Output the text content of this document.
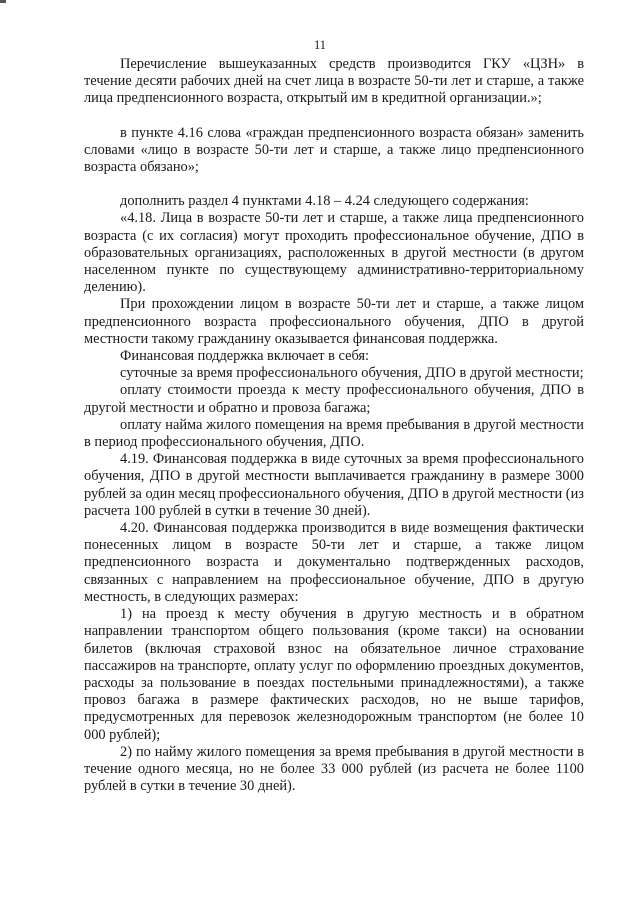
11

Перечисление вышеуказанных средств производится ГКУ «ЦЗН» в течение десяти рабочих дней на счет лица в возрасте 50-ти лет и старше, а также лица предпенсионного возраста, открытый им в кредитной организации.»;

в пункте 4.16 слова «граждан предпенсионного возраста обязан» заменить словами «лицо в возрасте 50-ти лет и старше, а также лицо предпенсионного возраста обязано»;

дополнить раздел 4 пунктами 4.18 – 4.24 следующего содержания:

«4.18. Лица в возрасте 50-ти лет и старше, а также лица предпенсионного возраста (с их согласия) могут проходить профессиональное обучение, ДПО в образовательных организациях, расположенных в другой местности (в другом населенном пункте по существующему административно-территориальному делению).

При прохождении лицом в возрасте 50-ти лет и старше, а также лицом предпенсионного возраста профессионального обучения, ДПО в другой местности такому гражданину оказывается финансовая поддержка.

Финансовая поддержка включает в себя:

суточные за время профессионального обучения, ДПО в другой местности;

оплату стоимости проезда к месту профессионального обучения, ДПО в другой местности и обратно и провоза багажа;

оплату найма жилого помещения на время пребывания в другой местности в период профессионального обучения, ДПО.

4.19. Финансовая поддержка в виде суточных за время профессионального обучения, ДПО в другой местности выплачивается гражданину в размере 3000 рублей за один месяц профессионального обучения, ДПО в другой местности (из расчета 100 рублей в сутки в течение 30 дней).

4.20. Финансовая поддержка производится в виде возмещения фактически понесенных лицом в возрасте 50-ти лет и старше, а также лицом предпенсионного возраста и документально подтвержденных расходов, связанных с направлением на профессиональное обучение, ДПО в другую местность, в следующих размерах:

1) на проезд к месту обучения в другую местность и в обратном направлении транспортом общего пользования (кроме такси) на основании билетов (включая страховой взнос на обязательное личное страхование пассажиров на транспорте, оплату услуг по оформлению проездных документов, расходы за пользование в поездах постельными принадлежностями), а также провоз багажа в размере фактических расходов, но не выше тарифов, предусмотренных для перевозок железнодорожным транспортом (не более 10 000 рублей);

2) по найму жилого помещения за время пребывания в другой местности в течение одного месяца, но не более 33 000 рублей (из расчета не более 1100 рублей в сутки в течение 30 дней).
